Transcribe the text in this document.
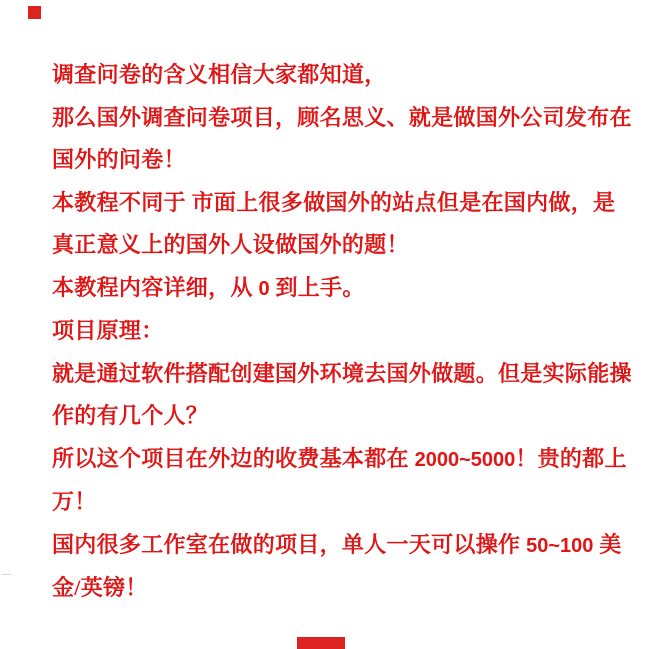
调查问卷的含义相信大家都知道，
那么国外调查问卷项目，顾名思义、就是做国外公司发布在
国外的问卷！
本教程不同于 市面上很多做国外的站点但是在国内做，是
真正意义上的国外人设做国外的题！
本教程内容详细，从 0 到上手。
项目原理：
就是通过软件搭配创建国外环境去国外做题。但是实际能操
作的有几个人？
所以这个项目在外边的收费基本都在 2000~5000！贵的都上
万！
国内很多工作室在做的项目，单人一天可以操作 50~100 美
金/英镑！
﹏
